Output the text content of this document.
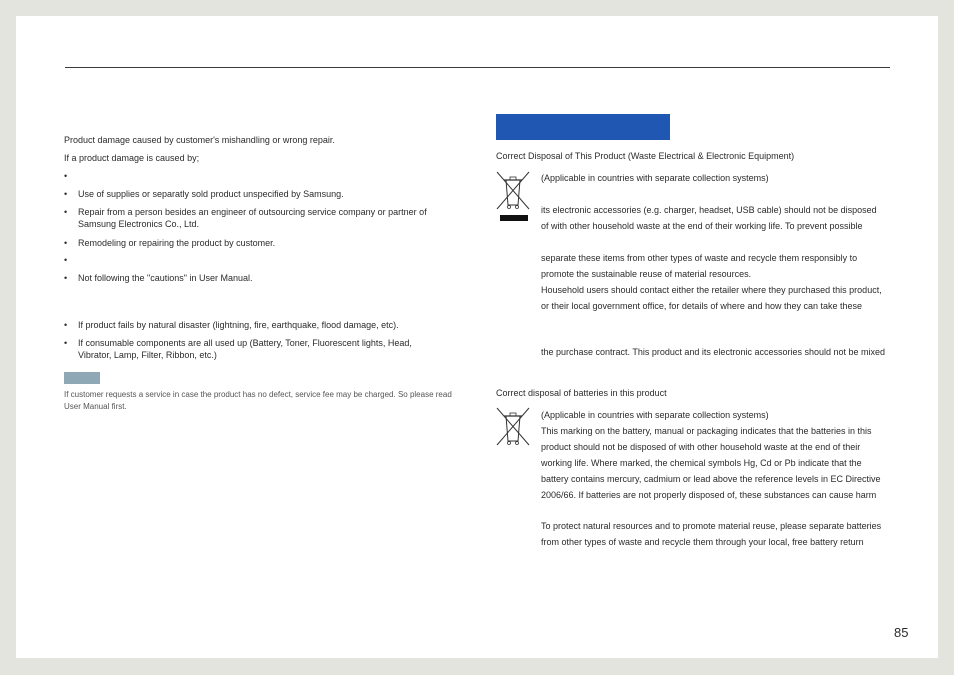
Product damage caused by customer's mishandling or wrong repair.
If a product damage is caused by;
•
•	Use of supplies or separatly sold product unspecified by Samsung.
•	Repair from a person besides an engineer of outsourcing service company or partner of Samsung Electronics Co., Ltd.
•	Remodeling or repairing the product by customer.
•
•	Not following the "cautions" in User Manual.
•	If product fails by natural disaster (lightning, fire, earthquake, flood damage, etc).
•	If consumable components are all used up (Battery, Toner, Fluorescent lights, Head, Vibrator, Lamp, Filter, Ribbon, etc.)
If customer requests a service in case the product has no defect, service fee may be charged. So please read User Manual first.
Correct Disposal of This Product (Waste Electrical & Electronic Equipment)
(Applicable in countries with separate collection systems)
its electronic accessories (e.g. charger, headset, USB cable) should not be disposed
of with other household waste at the end of their working life. To prevent possible
separate these items from other types of waste and recycle them responsibly to
promote the sustainable reuse of material resources.
Household users should contact either the retailer where they purchased this product,
or their local government office, for details of where and how they can take these
the purchase contract. This product and its electronic accessories should not be mixed
Correct disposal of batteries in this product
(Applicable in countries with separate collection systems)
This marking on the battery, manual or packaging indicates that the batteries in this
product should not be disposed of with other household waste at the end of their
working life. Where marked, the chemical symbols Hg, Cd or Pb indicate that the
battery contains mercury, cadmium or lead above the reference levels in EC Directive
2006/66. If batteries are not properly disposed of, these substances can cause harm
To protect natural resources and to promote material reuse, please separate batteries
from other types of waste and recycle them through your local, free battery return
85
